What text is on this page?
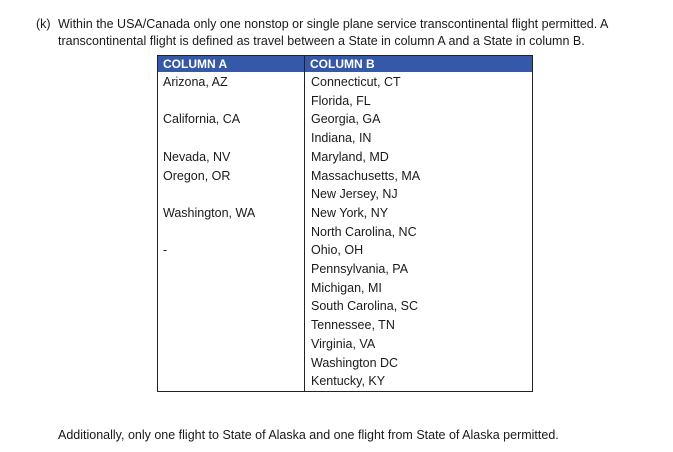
(k) Within the USA/Canada only one nonstop or single plane service transcontinental flight permitted. A
transcontinental flight is defined as travel between a State in column A and a State in column B.
COLUMN A	COLUMN B
Arizona, AZ
California, CA
Nevada, NV
Oregon, OR
Washington, WA
-
Connecticut, CT
Florida, FL
Georgia, GA
Indiana, IN
Maryland, MD
Massachusetts, MA
New Jersey, NJ
New York, NY
North Carolina, NC
Ohio, OH
Pennsylvania, PA
Michigan, MI
South Carolina, SC
Tennessee, TN
Virginia, VA
Washington DC
Kentucky, KY
Additionally, only one flight to State of Alaska and one flight from State of Alaska permitted.
